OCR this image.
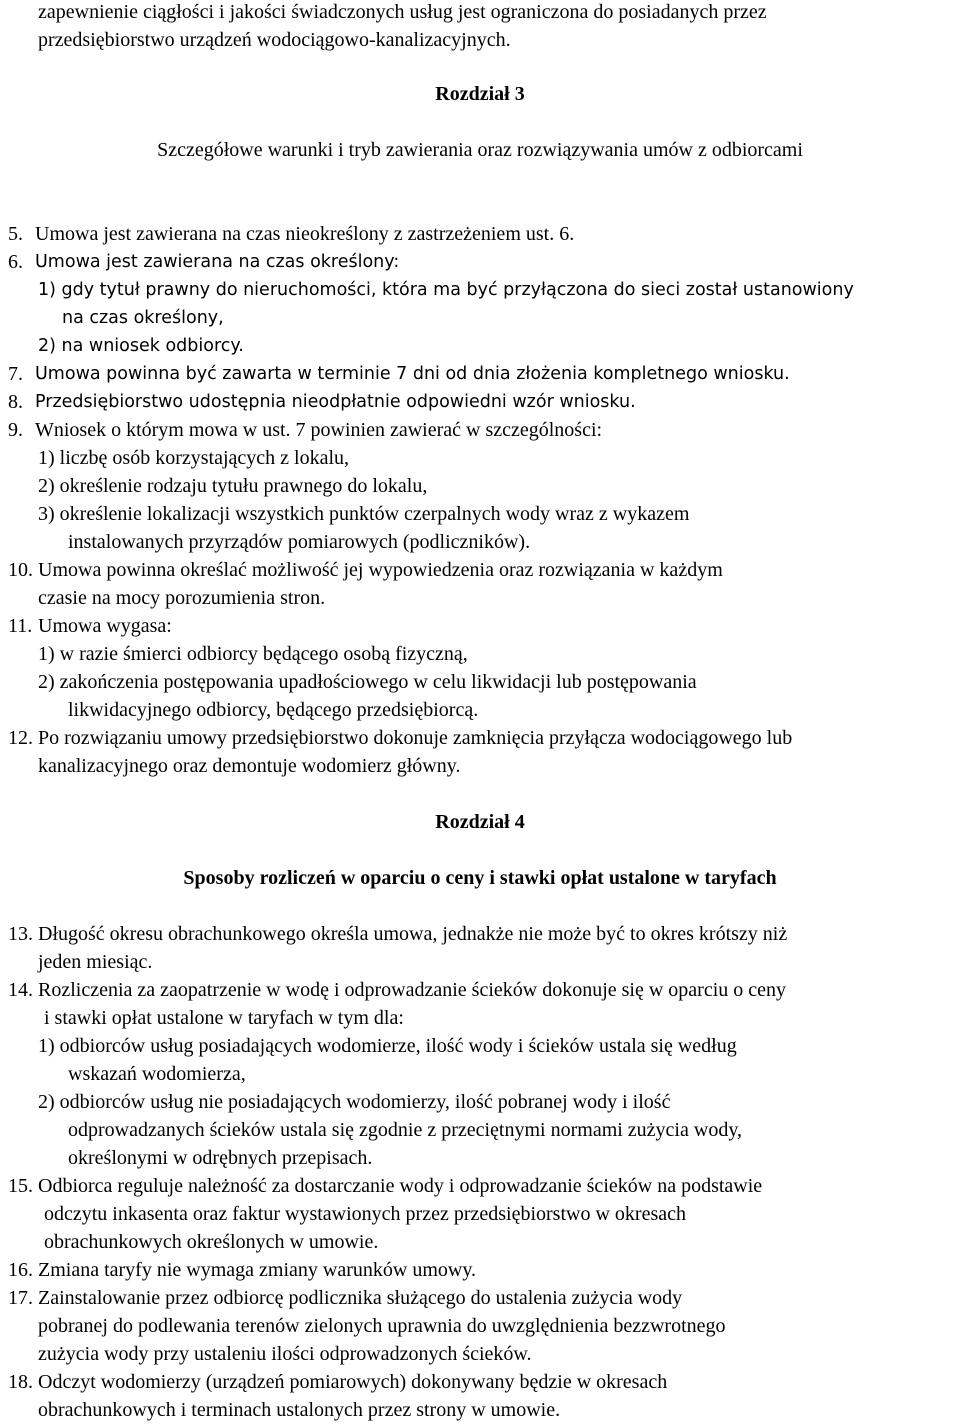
zapewnienie ciągłości i jakości świadczonych usług jest ograniczona do posiadanych przez
przedsiębiorstwo urządzeń wodociągowo-kanalizacyjnych.
Rozdział 3
Szczegółowe warunki i tryb zawierania oraz rozwiązywania umów z odbiorcami
5. Umowa jest zawierana na czas nieokreślony z zastrzeżeniem ust. 6.
6. Umowa jest zawierana na czas określony:
1) gdy tytuł prawny do nieruchomości, która ma być przyłączona do sieci został ustanowiony
na czas określony,
2) na wniosek odbiorcy.
7. Umowa powinna być zawarta w terminie 7 dni od dnia złożenia kompletnego wniosku.
8. Przedsiębiorstwo udostępnia nieodpłatnie odpowiedni wzór wniosku.
9. Wniosek o którym mowa w ust. 7 powinien zawierać w szczególności:
1) liczbę osób korzystających z lokalu,
2) określenie rodzaju tytułu prawnego do lokalu,
3) określenie lokalizacji wszystkich punktów czerpalnych wody wraz z wykazem
instalowanych przyrządów pomiarowych (podliczników).
10. Umowa powinna określać możliwość jej wypowiedzenia oraz rozwiązania w każdym
czasie na mocy porozumienia stron.
11. Umowa wygasa:
1) w razie śmierci odbiorcy będącego osobą fizyczną,
2) zakończenia postępowania upadłościowego w celu likwidacji lub postępowania
likwidacyjnego odbiorcy, będącego przedsiębiorcą.
12. Po rozwiązaniu umowy przedsiębiorstwo dokonuje zamknięcia przyłącza wodociągowego lub
kanalizacyjnego oraz demontuje wodomierz główny.
Rozdział 4
Sposoby rozliczeń w oparciu o ceny i stawki opłat ustalone w taryfach
13. Długość okresu obrachunkowego określa umowa, jednakże nie może być to okres krótszy niż
jeden miesiąc.
14. Rozliczenia za zaopatrzenie w wodę i odprowadzanie ścieków dokonuje się w oparciu o ceny
i stawki opłat ustalone w taryfach w tym dla:
1) odbiorców usług posiadających wodomierze, ilość wody i ścieków ustala się według
wskazań wodomierza,
2) odbiorców usług nie posiadających wodomierzy, ilość pobranej wody i ilość
odprowadzanych ścieków ustala się zgodnie z przeciętnymi normami zużycia wody,
określonymi w odrębnych przepisach.
15. Odbiorca reguluje należność za dostarczanie wody i odprowadzanie ścieków na podstawie
odczytu inkasenta oraz faktur wystawionych przez przedsiębiorstwo w okresach
obrachunkowych określonych w umowie.
16. Zmiana taryfy nie wymaga zmiany warunków umowy.
17. Zainstalowanie przez odbiorcę podlicznika służącego do ustalenia zużycia wody
pobranej do podlewania terenów zielonych uprawnia do uwzględnienia bezzwrotnego
zużycia wody przy ustaleniu ilości odprowadzonych ścieków.
18. Odczyt wodomierzy (urządzeń pomiarowych) dokonywany będzie w okresach
obrachunkowych i terminach ustalonych przez strony w umowie.
